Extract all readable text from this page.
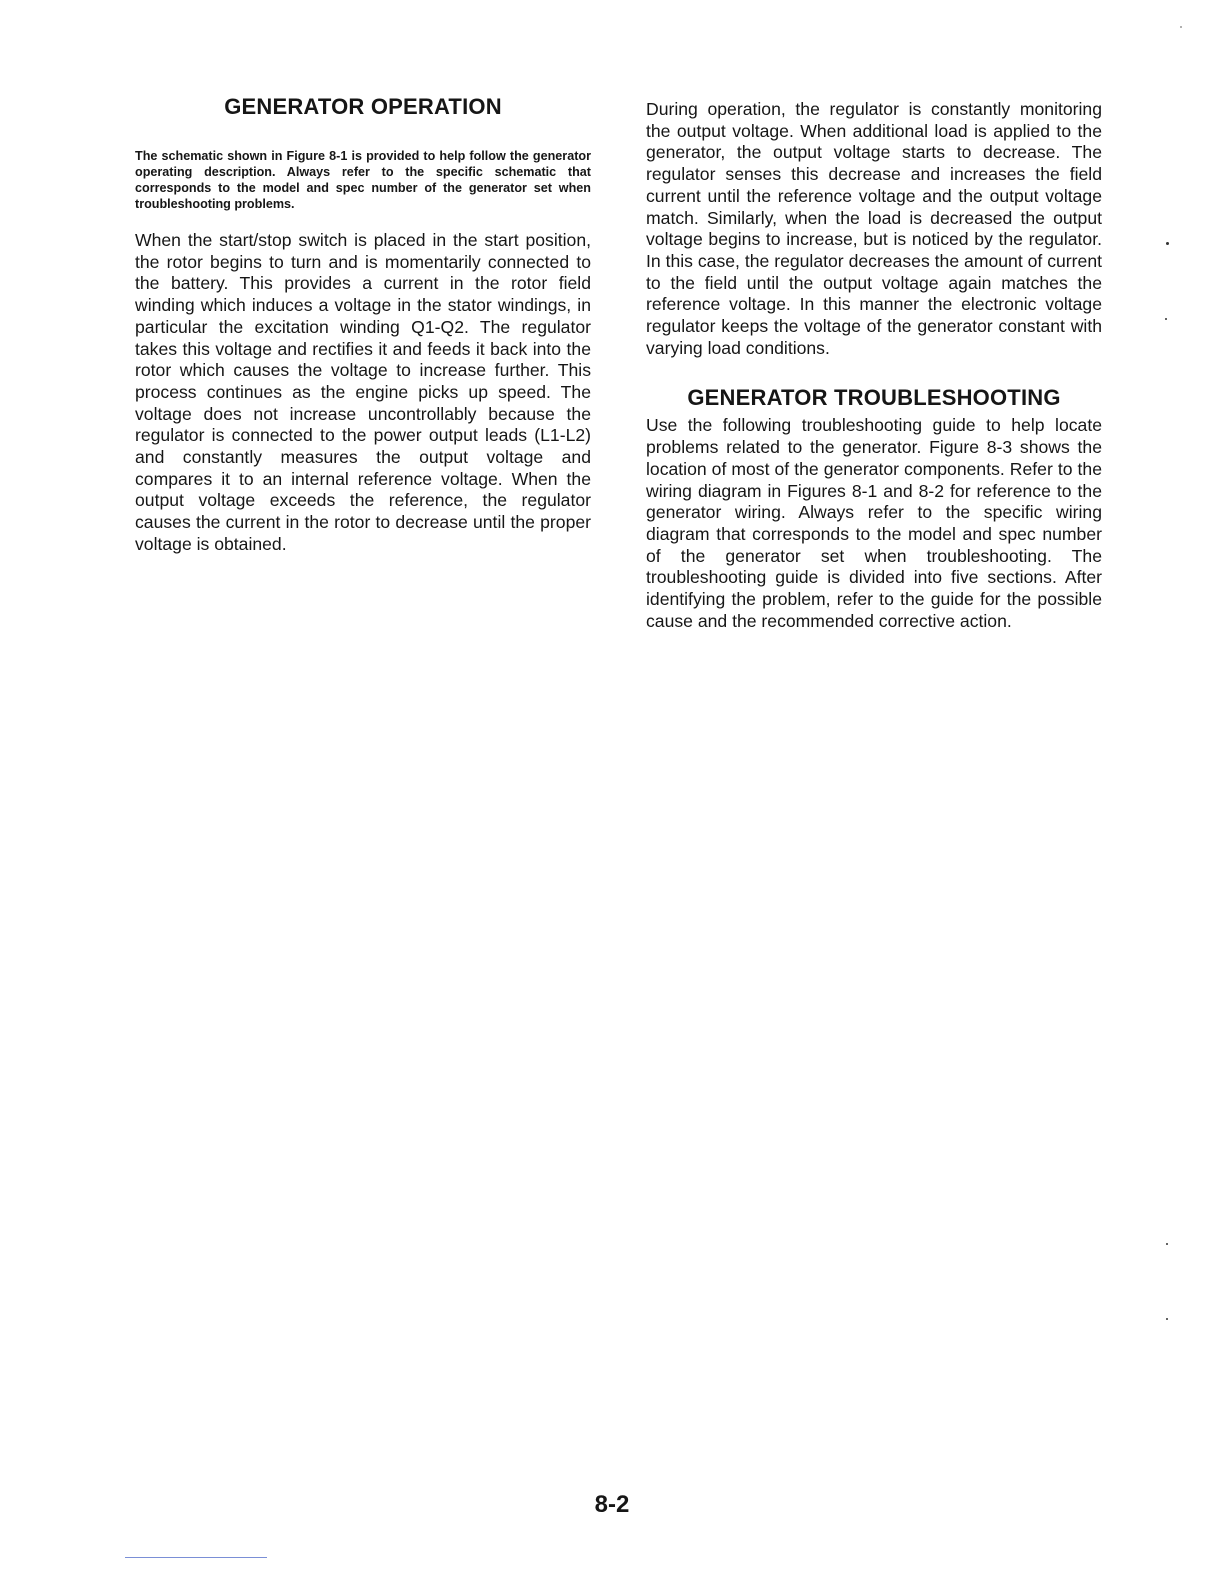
GENERATOR OPERATION

The schematic shown in Figure 8-1 is provided to help follow the generator operating description. Always refer to the specific schematic that corresponds to the model and spec number of the generator set when troubleshooting problems.

When the start/stop switch is placed in the start position, the rotor begins to turn and is momentarily connected to the battery. This provides a current in the rotor field winding which induces a voltage in the stator windings, in particular the excitation winding Q1-Q2. The regulator takes this voltage and rectifies it and feeds it back into the rotor which causes the voltage to increase further. This process continues as the engine picks up speed. The voltage does not increase uncontrollably because the regulator is connected to the power output leads (L1-L2) and constantly measures the output voltage and compares it to an internal reference voltage. When the output voltage exceeds the reference, the regulator causes the current in the rotor to decrease until the proper voltage is obtained.

During operation, the regulator is constantly monitoring the output voltage. When additional load is applied to the generator, the output voltage starts to decrease. The regulator senses this decrease and increases the field current until the reference voltage and the output voltage match. Similarly, when the load is decreased the output voltage begins to increase, but is noticed by the regulator. In this case, the regulator decreases the amount of current to the field until the output voltage again matches the reference voltage. In this manner the electronic voltage regulator keeps the voltage of the generator constant with varying load conditions.

GENERATOR TROUBLESHOOTING

Use the following troubleshooting guide to help locate problems related to the generator. Figure 8-3 shows the location of most of the generator components. Refer to the wiring diagram in Figures 8-1 and 8-2 for reference to the generator wiring. Always refer to the specific wiring diagram that corresponds to the model and spec number of the generator set when troubleshooting. The troubleshooting guide is divided into five sections. After identifying the problem, refer to the guide for the possible cause and the recommended corrective action.

8-2
